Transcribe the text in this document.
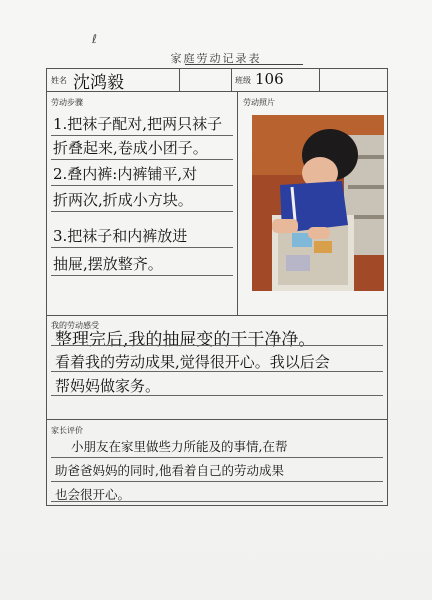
ℓ
家庭劳动记录表
姓名 沈鸿毅	班级 106
劳动步骤	劳动照片
1.把袜子配对,把两只袜子
折叠起来,卷成小团子。
2.叠内裤:内裤铺平,对
折两次,折成小方块。
3.把袜子和内裤放进
抽屉,摆放整齐。
我的劳动感受
整理完后,我的抽屉变的干干净净。
看着我的劳动成果,觉得很开心。我以后会
帮妈妈做家务。
家长评价
小朋友在家里做些力所能及的事情,在帮
助爸爸妈妈的同时,他看着自己的劳动成果
也会很开心。
